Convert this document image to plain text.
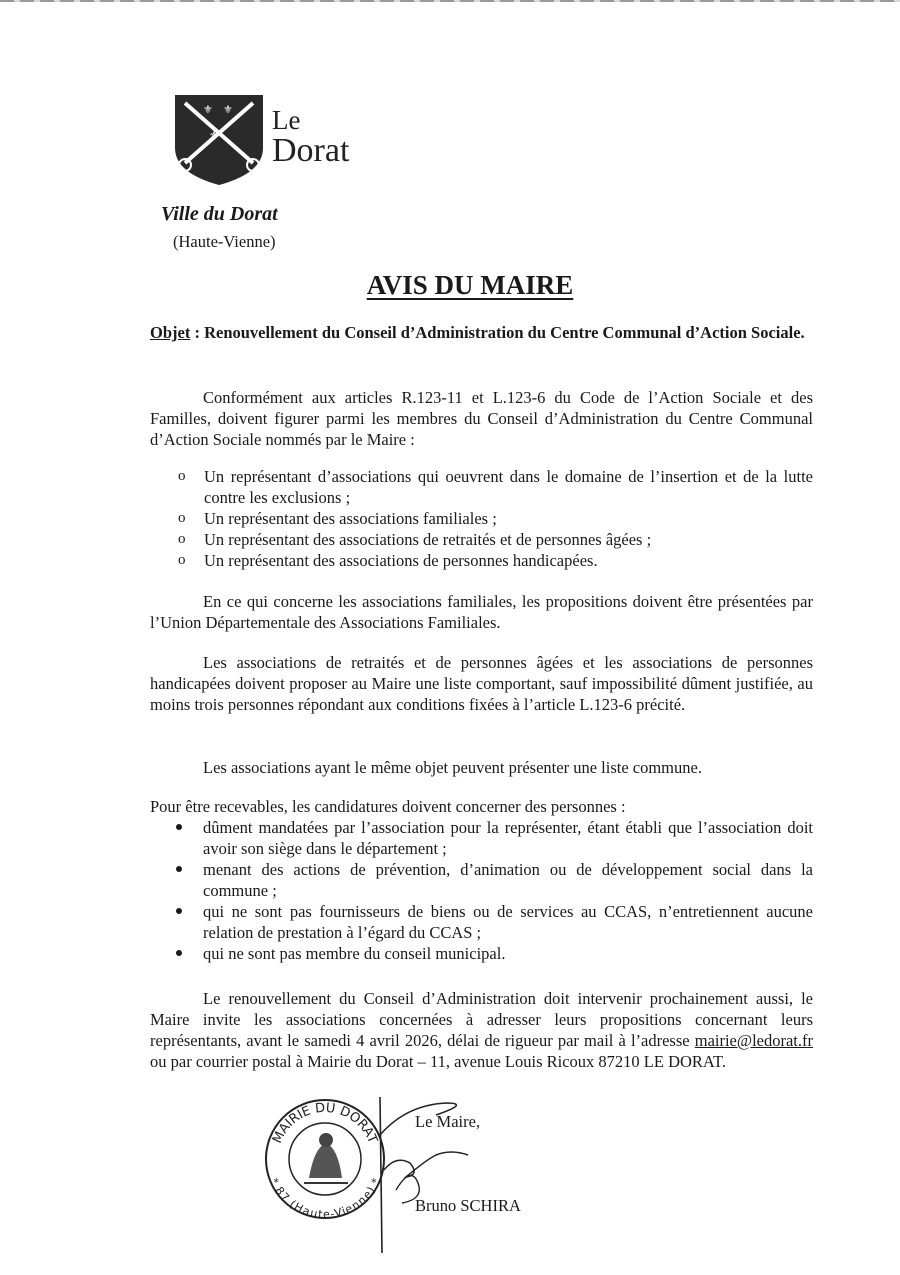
⚜ ⚜
⚜
Le
Dorat
Ville du Dorat
(Haute-Vienne)
AVIS DU MAIRE
Objet : Renouvellement du Conseil d’Administration du Centre Communal d’Action Sociale.
Conformément aux articles R.123-11 et L.123-6 du Code de l’Action Sociale et des Familles, doivent figurer parmi les membres du Conseil d’Administration du Centre Communal d’Action Sociale nommés par le Maire :
o Un représentant d’associations qui oeuvrent dans le domaine de l’insertion et de la lutte contre les exclusions ;
o Un représentant des associations familiales ;
o Un représentant des associations de retraités et de personnes âgées ;
o Un représentant des associations de personnes handicapées.
En ce qui concerne les associations familiales, les propositions doivent être présentées par l’Union Départementale des Associations Familiales.
Les associations de retraités et de personnes âgées et les associations de personnes handicapées doivent proposer au Maire une liste comportant, sauf impossibilité dûment justifiée, au moins trois personnes répondant aux conditions fixées à l’article L.123-6 précité.
Les associations ayant le même objet peuvent présenter une liste commune.
Pour être recevables, les candidatures doivent concerner des personnes :
dûment mandatées par l’association pour la représenter, étant établi que l’association doit avoir son siège dans le département ;
menant des actions de prévention, d’animation ou de développement social dans la commune ;
qui ne sont pas fournisseurs de biens ou de services au CCAS, n’entretiennent aucune relation de prestation à l’égard du CCAS ;
qui ne sont pas membre du conseil municipal.
Le renouvellement du Conseil d’Administration doit intervenir prochainement aussi, le Maire invite les associations concernées à adresser leurs propositions concernant leurs représentants, avant le samedi 4 avril 2026, délai de rigueur par mail à l’adresse mairie@ledorat.fr ou par courrier postal à Mairie du Dorat – 11, avenue Louis Ricoux 87210 LE DORAT.
MAIRIE DU DORAT
* 87 (Haute-Vienne) *
Le Maire,
Bruno SCHIRA
